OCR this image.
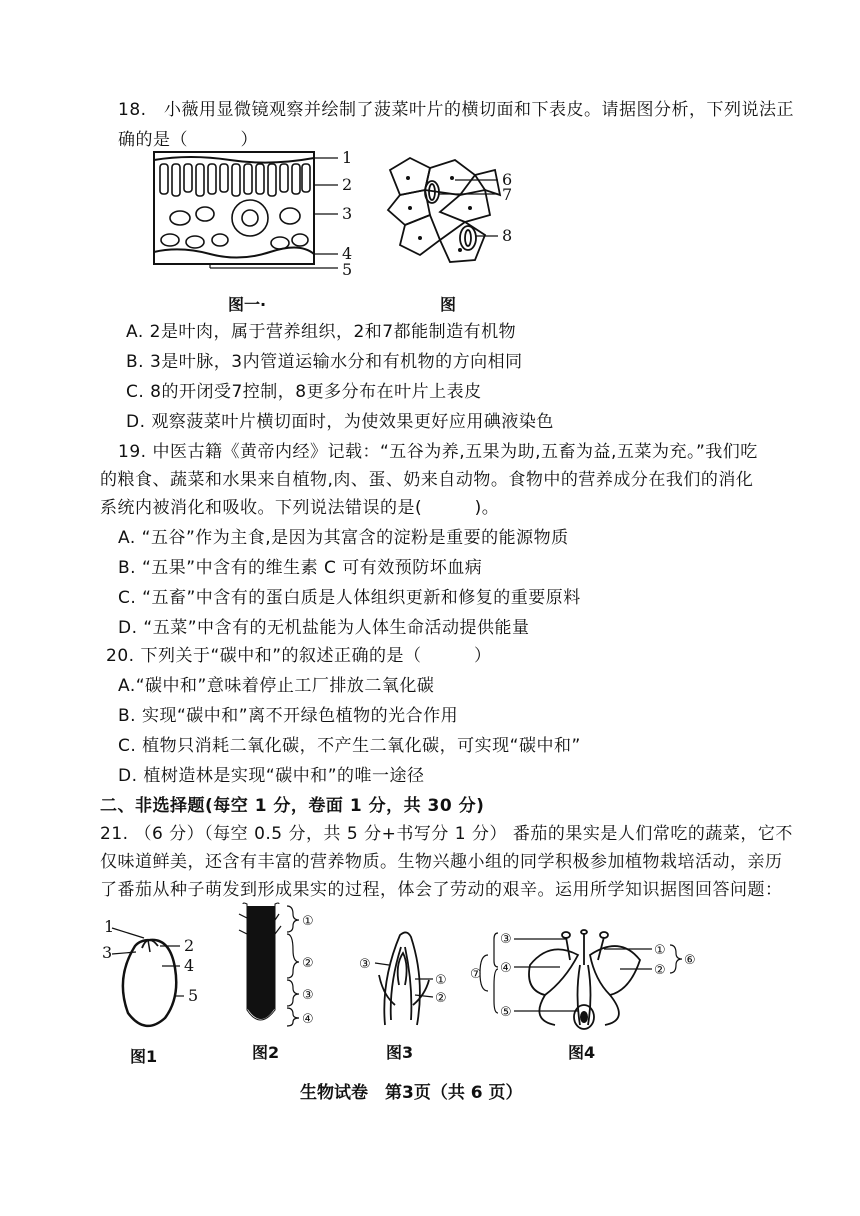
18.　小薇用显微镜观察并绘制了菠菜叶片的横切面和下表皮。请据图分析，下列说法正
确的是（　　　）
1
2
3
4
5
6
7
8
图一·	图
A. 2是叶肉，属于营养组织，2和7都能制造有机物
B. 3是叶脉，3内管道运输水分和有机物的方向相同
C. 8的开闭受7控制，8更多分布在叶片上表皮
D. 观察菠菜叶片横切面时，为使效果更好应用碘液染色
19. 中医古籍《黄帝内经》记载：“五谷为养,五果为助,五畜为益,五菜为充。”我们吃
的粮食、蔬菜和水果来自植物,肉、蛋、奶来自动物。食物中的营养成分在我们的消化
系统内被消化和吸收。下列说法错误的是(　　　)。
A. “五谷”作为主食,是因为其富含的淀粉是重要的能源物质
B. “五果”中含有的维生素 C 可有效预防坏血病
C. “五畜”中含有的蛋白质是人体组织更新和修复的重要原料
D. “五菜”中含有的无机盐能为人体生命活动提供能量
20. 下列关于“碳中和”的叙述正确的是（　　　）
A.“碳中和”意味着停止工厂排放二氧化碳
B. 实现“碳中和”离不开绿色植物的光合作用
C. 植物只消耗二氧化碳，不产生二氧化碳，可实现“碳中和”
D. 植树造林是实现“碳中和”的唯一途径
二、非选择题(每空 1 分，卷面 1 分，共 30 分)
21. （6 分）（每空 0.5 分，共 5 分+书写分 1 分） 番茄的果实是人们常吃的蔬菜，它不
仅味道鲜美，还含有丰富的营养物质。生物兴趣小组的同学积极参加植物栽培活动，亲历
了番茄从种子萌发到形成果实的过程，体会了劳动的艰辛。运用所学知识据图回答问题：
1
2
3
4
5
①
②
③
④
③
①
②
③
④
⑦
⑤
①
②
⑥
图1	图2	图3	图4
生物试卷　第3页（共 6 页）
